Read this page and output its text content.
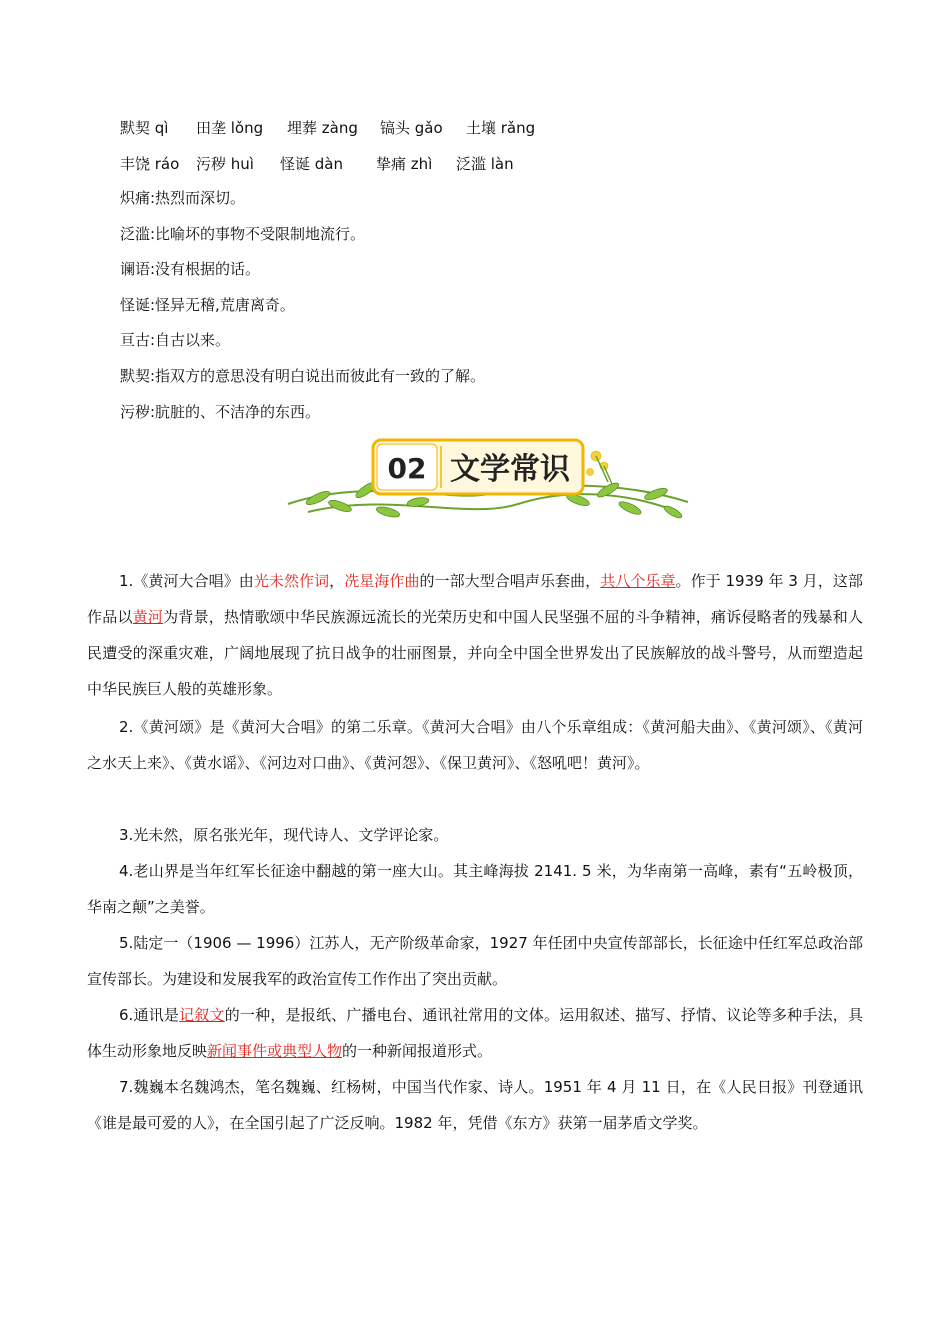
默契 qì 田垄 lǒng 埋葬 zàng 镐头 gǎo 土壤 rǎng
丰饶 ráo 污秽 huì 怪诞 dàn 挚痛 zhì 泛滥 làn
炽痛:热烈而深切。
泛滥:比喻坏的事物不受限制地流行。
谰语:没有根据的话。
怪诞:怪异无稽,荒唐离奇。
亘古:自古以来。
默契:指双方的意思没有明白说出而彼此有一致的了解。
污秽:肮脏的、不洁净的东西。
02 文学常识
1.《黄河大合唱》由光未然作词，冼星海作曲的一部大型合唱声乐套曲，共八个乐章。作于 1939 年 3 月，这部作品以黄河为背景，热情歌颂中华民族源远流长的光荣历史和中国人民坚强不屈的斗争精神，痛诉侵略者的残暴和人民遭受的深重灾难，广阔地展现了抗日战争的壮丽图景，并向全中国全世界发出了民族解放的战斗警号，从而塑造起中华民族巨人般的英雄形象。
2.《黄河颂》是《黄河大合唱》的第二乐章。《黄河大合唱》由八个乐章组成：《黄河船夫曲》、《黄河颂》、《黄河之水天上来》、《黄水谣》、《河边对口曲》、《黄河怨》、《保卫黄河》、《怒吼吧！黄河》。
3.光未然，原名张光年，现代诗人、文学评论家。
4.老山界是当年红军长征途中翻越的第一座大山。其主峰海拔 2141. 5 米，为华南第一高峰，素有“五岭极顶，华南之颠”之美誉。
5.陆定一（1906 — 1996）江苏人，无产阶级革命家，1927 年任团中央宣传部部长，长征途中任红军总政治部宣传部长。为建设和发展我军的政治宣传工作作出了突出贡献。
6.通讯是记叙文的一种，是报纸、广播电台、通讯社常用的文体。运用叙述、描写、抒情、议论等多种手法，具体生动形象地反映新闻事件或典型人物的一种新闻报道形式。
7.魏巍本名魏鸿杰，笔名魏巍、红杨树，中国当代作家、诗人。1951 年 4 月 11 日，在《人民日报》刊登通讯《谁是最可爱的人》，在全国引起了广泛反响。1982 年，凭借《东方》获第一届茅盾文学奖。
